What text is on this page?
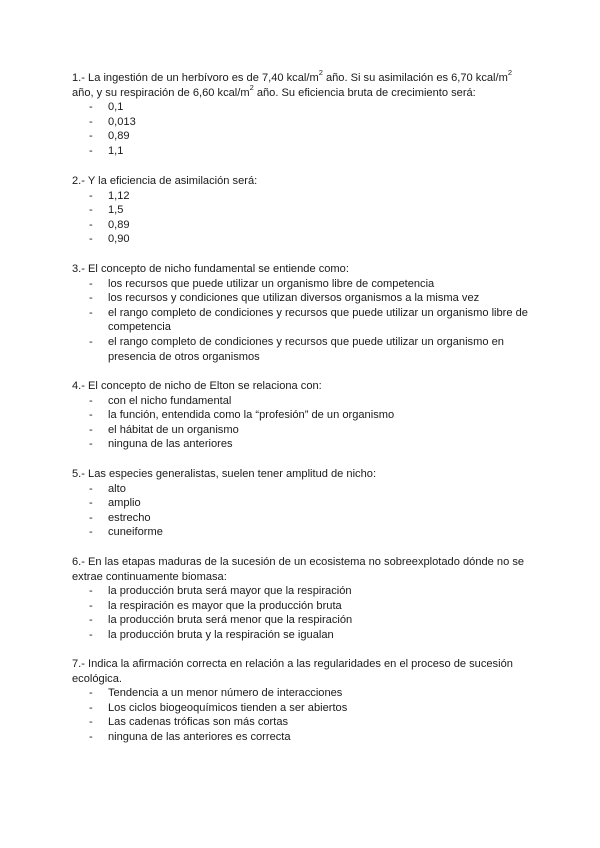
1.- La ingestión de un herbívoro es de 7,40 kcal/$m^2$ año. Si su asimilación es 6,70 kcal/$m^2$ año, y su respiración de 6,60 kcal/$m^2$ año. Su eficiencia bruta de crecimiento será:

-	0,1
-	0,013
-	0,89
-	1,1

2.- Y la eficiencia de asimilación será:

-	1,12
-	1,5
-	0,89
-	0,90

3.- El concepto de nicho fundamental se entiende como:

-	los recursos que puede utilizar un organismo libre de competencia
-	los recursos y condiciones que utilizan diversos organismos a la misma vez
-	el rango completo de condiciones y recursos que puede utilizar un organismo libre de competencia
-	el rango completo de condiciones y recursos que puede utilizar un organismo en presencia de otros organismos

4.- El concepto de nicho de Elton se relaciona con:

-	con el nicho fundamental
-	la función, entendida como la “profesión” de un organismo
-	el hábitat de un organismo
-	ninguna de las anteriores

5.- Las especies generalistas, suelen tener amplitud de nicho:

-	alto
-	amplio
-	estrecho
-	cuneiforme

6.- En las etapas maduras de la sucesión de un ecosistema no sobreexplotado dónde no se extrae continuamente biomasa:

-	la producción bruta será mayor que la respiración
-	la respiración es mayor que la producción bruta
-	la producción bruta será menor que la respiración
-	la producción bruta y la respiración se igualan

7.- Indica la afirmación correcta en relación a las regularidades en el proceso de sucesión ecológica.

-	Tendencia a un menor número de interacciones
-	Los ciclos biogeoquímicos tienden a ser abiertos
-	Las cadenas tróficas son más cortas
-	ninguna de las anteriores es correcta
